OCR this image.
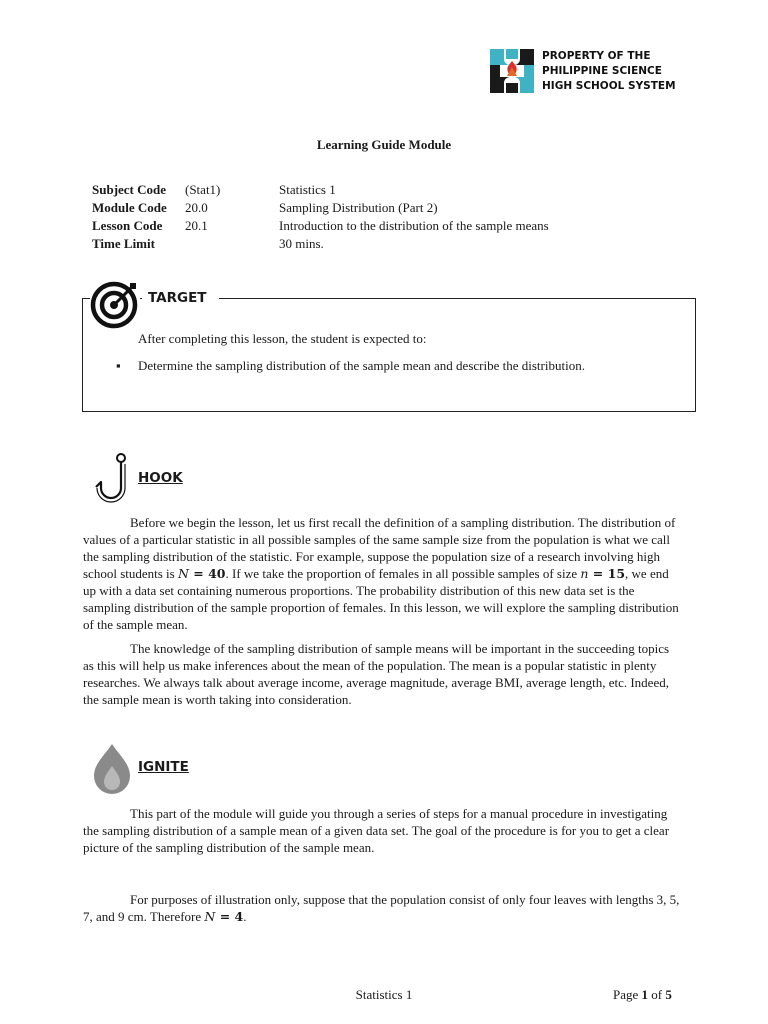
PROPERTY OF THE
PHILIPPINE SCIENCE
HIGH SCHOOL SYSTEM
Learning Guide Module
Subject Code (Stat1)	Statistics 1
Module Code 20.0	Sampling Distribution (Part 2)
Lesson Code 20.1	Introduction to the distribution of the sample means
Time Limit	30 mins.
TARGET
After completing this lesson, the student is expected to:
▪ Determine the sampling distribution of the sample mean and describe the distribution.
HOOK

Before we begin the lesson, let us first recall the definition of a sampling distribution. The distribution of values of a particular statistic in all possible samples of the same sample size from the population is what we call the sampling distribution of the statistic. For example, suppose the population size of a research involving high school students is N = 40. If we take the proportion of females in all possible samples of size n = 15, we end up with a data set containing numerous proportions. The probability distribution of this new data set is the sampling distribution of the sample proportion of females. In this lesson, we will explore the sampling distribution of the sample mean.

The knowledge of the sampling distribution of sample means will be important in the succeeding topics as this will help us make inferences about the mean of the population. The mean is a popular statistic in plenty researches. We always talk about average income, average magnitude, average BMI, average length, etc. Indeed, the sample mean is worth taking into consideration.

IGNITE

This part of the module will guide you through a series of steps for a manual procedure in investigating the sampling distribution of a sample mean of a given data set. The goal of the procedure is for you to get a clear picture of the sampling distribution of the sample mean.

For purposes of illustration only, suppose that the population consist of only four leaves with lengths 3, 5, 7, and 9 cm. Therefore N = 4.

Statistics 1	Page 1 of 5
